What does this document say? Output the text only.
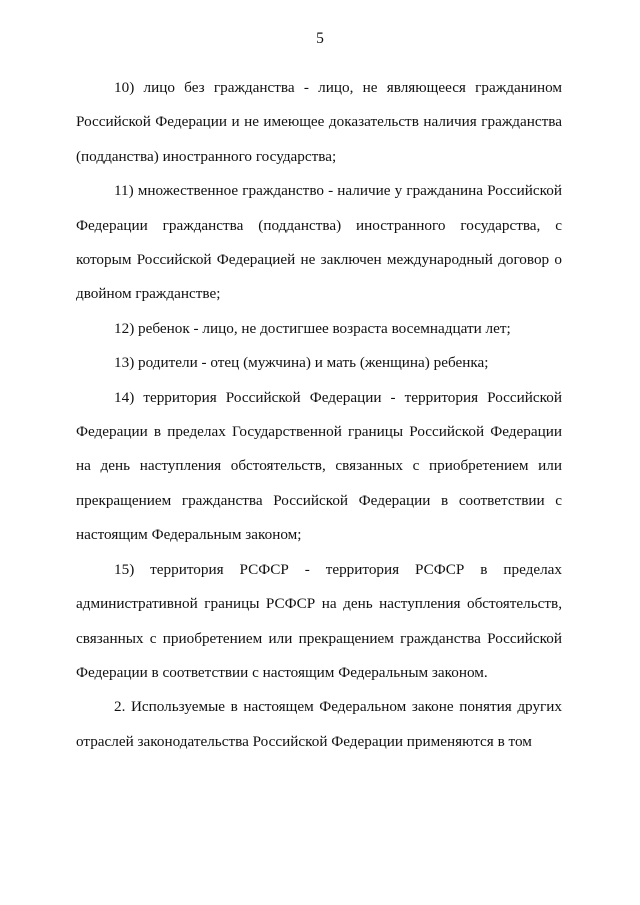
5

10) лицо без гражданства - лицо, не являющееся гражданином Российской Федерации и не имеющее доказательств наличия гражданства (подданства) иностранного государства;

11) множественное гражданство - наличие у гражданина Российской Федерации гражданства (подданства) иностранного государства, с которым Российской Федерацией не заключен международный договор о двойном гражданстве;

12) ребенок - лицо, не достигшее возраста восемнадцати лет;

13) родители - отец (мужчина) и мать (женщина) ребенка;

14) территория Российской Федерации - территория Российской Федерации в пределах Государственной границы Российской Федерации на день наступления обстоятельств, связанных с приобретением или прекращением гражданства Российской Федерации в соответствии с настоящим Федеральным законом;

15) территория РСФСР - территория РСФСР в пределах административной границы РСФСР на день наступления обстоятельств, связанных с приобретением или прекращением гражданства Российской Федерации в соответствии с настоящим Федеральным законом.

2. Используемые в настоящем Федеральном законе понятия других отраслей законодательства Российской Федерации применяются в том
